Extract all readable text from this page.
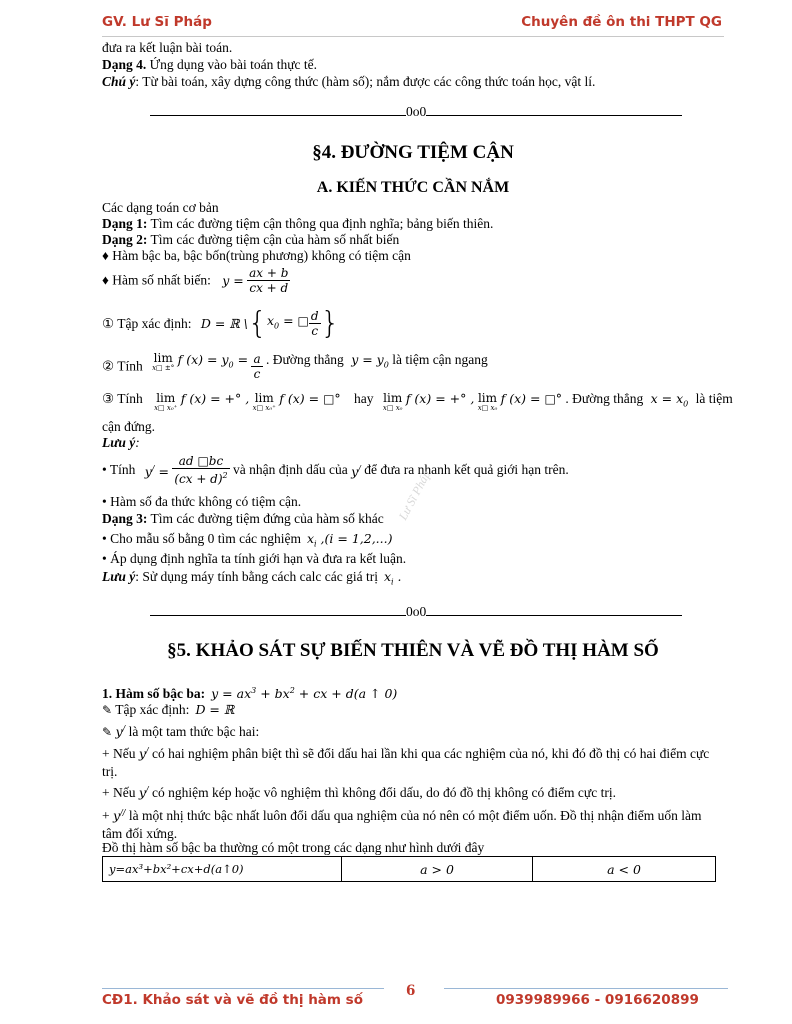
GV. Lư Sĩ Pháp	Chuyên đề ôn thi THPT QG
đưa ra kết luận bài toán.
Dạng 4. Ứng dụng vào bài toán thực tế.
Chú ý: Từ bài toán, xây dựng công thức (hàm số); nắm được các công thức toán học, vật lí.
0o0
§4. ĐƯỜNG TIỆM CẬN
A. KIẾN THỨC CẦN NẮM
Các dạng toán cơ bản
Dạng 1: Tìm các đường tiệm cận thông qua định nghĩa; bảng biến thiên.
Dạng 2: Tìm các đường tiệm cận của hàm số nhất biến
♦ Hàm bậc ba, bậc bốn(trùng phương) không có tiệm cận
♦ Hàm số nhất biến: $y = \frac{ax + b}{cx + d}$
① Tập xác định: D = ℝ $\backslash\{x_0$ = □ $\frac{d}{c}$ }
② Tính lim
x□ ±°
f $(x) = y_0 = \frac{a}{c}$ . Đường thẳng $y = y_0$ là tiệm cận ngang
③ Tính lim
x□ x₀⁺
f (x) = +° , lim
x□ x₀⁺
f (x) = □° hay lim
x□ x₀
f (x) = +° , lim
x□ x₀
f (x) = □° . Đường thẳng $x = x_0$ là tiệm
cận đứng.
Lưu ý:
• Tính $y^/ = \frac{ad □bc}{(cx + d)^2}$ và nhận định dấu của y/ để đưa ra nhanh kết quả giới hạn trên.
• Hàm số đa thức không có tiệm cận.
Dạng 3: Tìm các đường tiệm đứng của hàm số khác
• Cho mẫu số bằng 0 tìm các nghiệm $x_i$ ,(i = 1,2,...)
• Áp dụng định nghĩa ta tính giới hạn và đưa ra kết luận.
Lưu ý: Sử dụng máy tính bằng cách calc các giá trị $x_i$ .
0o0
§5. KHẢO SÁT SỰ BIẾN THIÊN VÀ VẼ ĐỒ THỊ HÀM SỐ
1. Hàm số bậc ba: $y = ax^3 + bx^2$ + cx + d(a ↑ 0)
✎ Tập xác định: D = ℝ
✎ y/ là một tam thức bậc hai:
+ Nếu y/ có hai nghiệm phân biệt thì sẽ đổi dấu hai lần khi qua các nghiệm của nó, khi đó đồ thị có hai điểm cực trị.
+ Nếu y/ có nghiệm kép hoặc vô nghiệm thì không đổi dấu, do đó đồ thị không có điểm cực trị.
+ y// là một nhị thức bậc nhất luôn đổi dấu qua nghiệm của nó nên có một điểm uốn. Đồ thị nhận điểm uốn làm tâm đối xứng.
Đồ thị hàm số bậc ba thường có một trong các dạng như hình dưới đây
y=ax³+bx²+cx+d(a↑0)	a > 0	a < 0
Lư Sĩ Pháp
6
CĐ1. Khảo sát và vẽ đồ thị hàm số	0939989966 - 0916620899
